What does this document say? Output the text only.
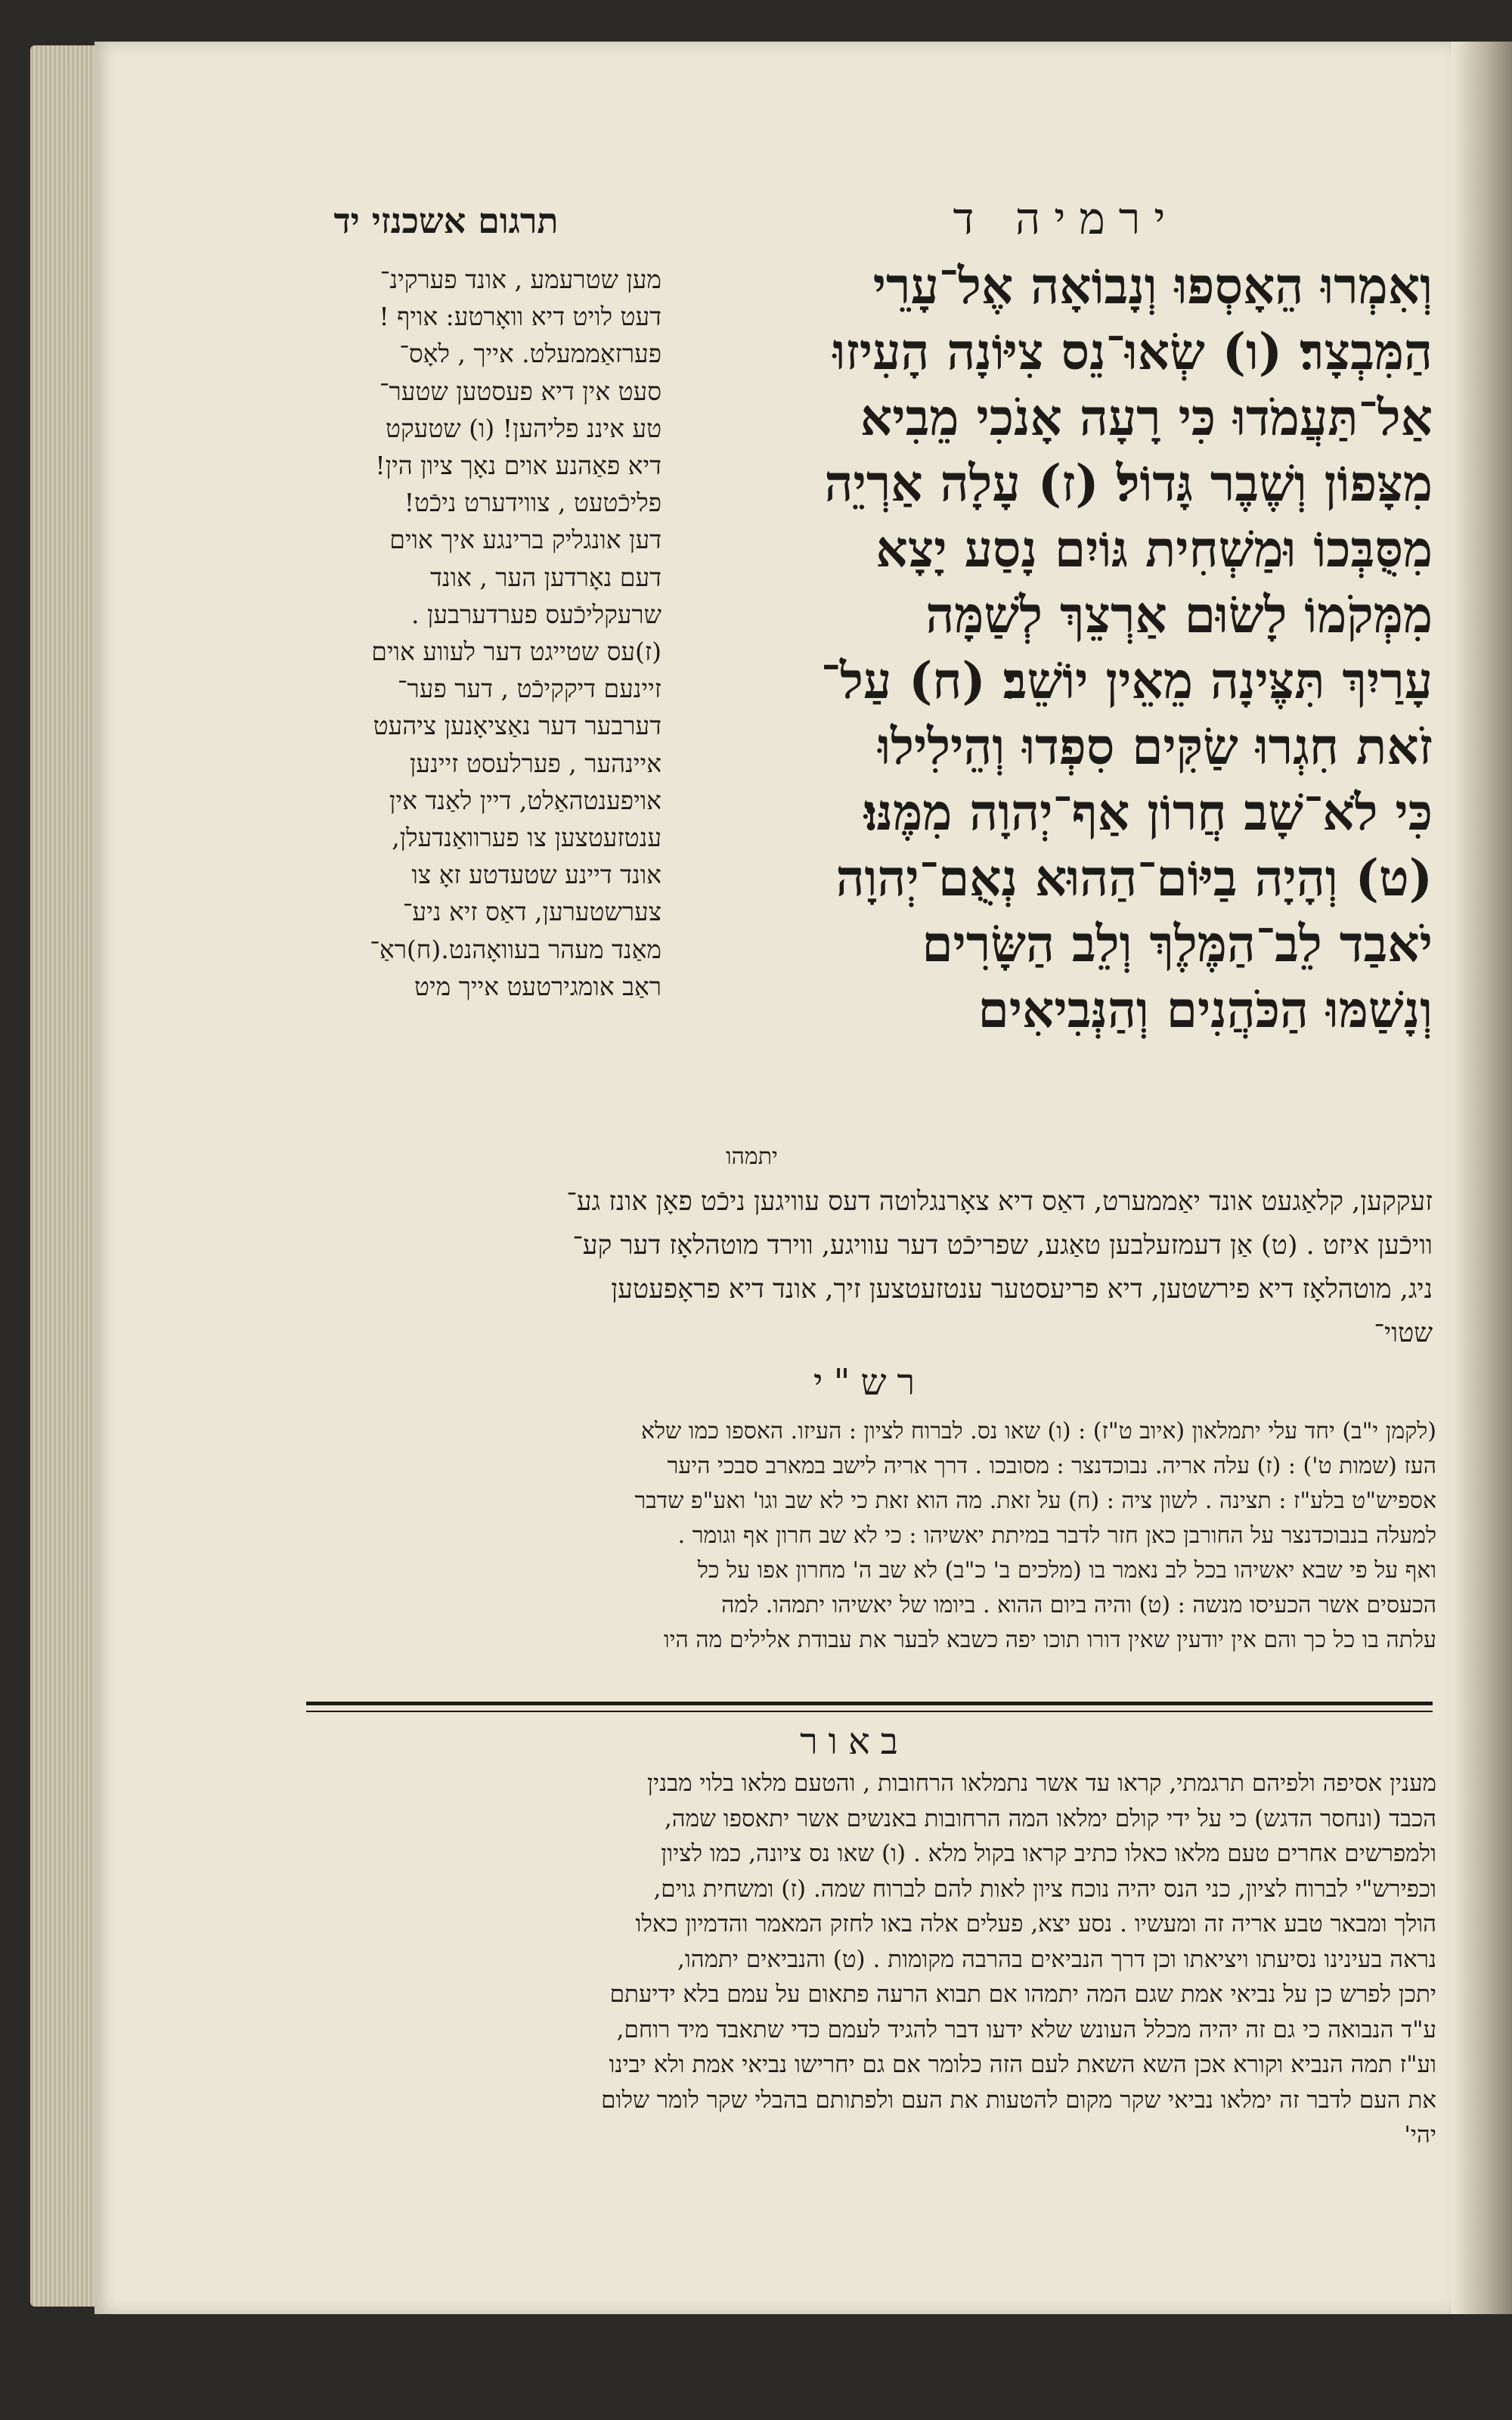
תרגום אשכנזי יד	ירמיה ד
מען שטרעמע , אונד פערקינ־
דעט לויט דיא וואָרטע: אויף !
פערזאַממעלט. אייך , לאָס־
סעט אין דיא פעסטען שטער־
טע איננ פליהען! (ו) שטעקט
דיא פאַהנע אוים נאָך ציון הין!
פליכֿטעט , צווידערט ניכֿט!
דען אונגליק ברינגע איך אוים
דעם נאָרדען הער , אונד
שרעקליכֿעס פערדערבען .
(ז)עס שטייגט דער לעווע אוים
זיינעם דיקקיכֿט , דער פער־
דערבער דער נאַציאָנען ציהעט
איינהער , פערלעסט זיינען
אויפענטהאַלט, דיין לאַנד אין
ענטזעטצען צו פערוואַנדעלן,
אונד דיינע שטעדטע זאָ צו
צערשטערען, דאַס זיא ניע־
מאַנד מעהר בעוואָהנט.(ח)ראַ־
ראַב אומגירטעט אייך מיט
וְאִמְרוּ הֵאָסְפוּ וְנָבוֹאָה אֶל־עָרֵי
הַמִּבְצָר׃ (ו) שְׂאוּ־נֵס צִיּוֹנָה הָעִיזוּ
אַל־תַּעֲמֹדוּ כִּי רָעָה אָנֹכִי מֵבִיא
מִצָּפוֹן וְשֶׁבֶר גָּדוֹל׃ (ז) עָלָה אַרְיֵה
מִסֻּבְּכוֹ וּמַשְׁחִית גּוֹיִם נָסַע יָצָא
מִמְּקֹמוֹ לָשׂוּם אַרְצֵךְ לְשַׁמָּה
עָרַיִךְ תִּצֶּינָה מֵאֵין יוֹשֵׁב׃ (ח) עַל־
זֹאת חִגְרוּ שַׂקִּים סִפְדוּ וְהֵילִילוּ
כִּי לֹא־שָׁב חֲרוֹן אַף־יְהוָה מִמֶּנּוּ׃
(ט) וְהָיָה בַיּוֹם־הַהוּא נְאֻם־יְהוָה
יֹאבַד לֵב־הַמֶּלֶךְ וְלֵב הַשָּׂרִים
וְנָשַׁמּוּ הַכֹּהֲנִים וְהַנְּבִיאִים
יתמהו
זעקקען, קלאַגעט אונד יאַממערט, דאַס דיא צאָרנגלוטה דעס עוויגען ניכֿט פאָן אונז גע־
וויכֿען איזט . (ט) אַן דעמזעלבען טאַגע, שפריכֿט דער עוויגע, ווירד מוטהלאָז דער קע־
ניג, מוטהלאָז דיא פירשטען, דיא פריעסטער ענטזעטצען זיך, אונד דיא פראָפעטען
שטוי־
רש"י
(לקמן י"ב) יחד עלי יתמלאון (איוב ט"ז) : (ו) שאו נס. לברוח לציון : העיזו. האספו כמו שלא
העז (שמות ט') : (ז) עלה אריה. נבוכדנצר : מסובכו . דרך אריה לישב במארב סבכי היער
אספיש"ט בלע"ז : תצינה . לשון ציה : (ח) על זאת. מה הוא זאת כי לא שב וגו' ואע"פ שדבר
למעלה בנבוכדנצר על החורבן כאן חזר לדבר במיתת יאשיהו : כי לא שב חרון אף וגומר .
ואף על פי שבא יאשיהו בכל לב נאמר בו (מלכים ב' כ"ב) לא שב ה' מחרון אפו על כל
הכעסים אשר הכעיסו מנשה : (ט) והיה ביום ההוא . ביומו של יאשיהו יתמהו. למה
עלתה בו כל כך והם אין יודעין שאין דורו תוכו יפה כשבא לבער את עבודת אלילים מה היו
באור
מענין אסיפה ולפיהם תרגמתי, קראו עד אשר נתמלאו הרחובות , והטעם מלאו בלוי מבנין
הכבד (ונחסר הדגש) כי על ידי קולם ימלאו המה הרחובות באנשים אשר יתאספו שמה,
ולמפרשים אחרים טעם מלאו כאלו כתיב קראו בקול מלא . (ו) שאו נס ציונה, כמו לציון
וכפירש"י לברוח לציון, כני הנס יהיה נוכח ציון לאות להם לברוח שמה. (ז) ומשחית גוים,
הולך ומבאר טבע אריה זה ומעשיו . נסע יצא, פעלים אלה באו לחזק המאמר והדמיון כאלו
נראה בעינינו נסיעתו ויציאתו וכן דרך הנביאים בהרבה מקומות . (ט) והנביאים יתמהו,
יתכן לפרש כן על נביאי אמת שגם המה יתמהו אם תבוא הרעה פתאום על עמם בלא ידיעתם
ע"ד הנבואה כי גם זה יהיה מכלל העונש שלא ידעו דבר להגיד לעמם כדי שתאבד מיד רוחם,
וע"ז תמה הנביא וקורא אכן השא השאת לעם הזה כלומר אם גם יחרישו נביאי אמת ולא יבינו
את העם לדבר זה ימלאו נביאי שקר מקום להטעות את העם ולפתותם בהבלי שקר לומר שלום
יהי'
